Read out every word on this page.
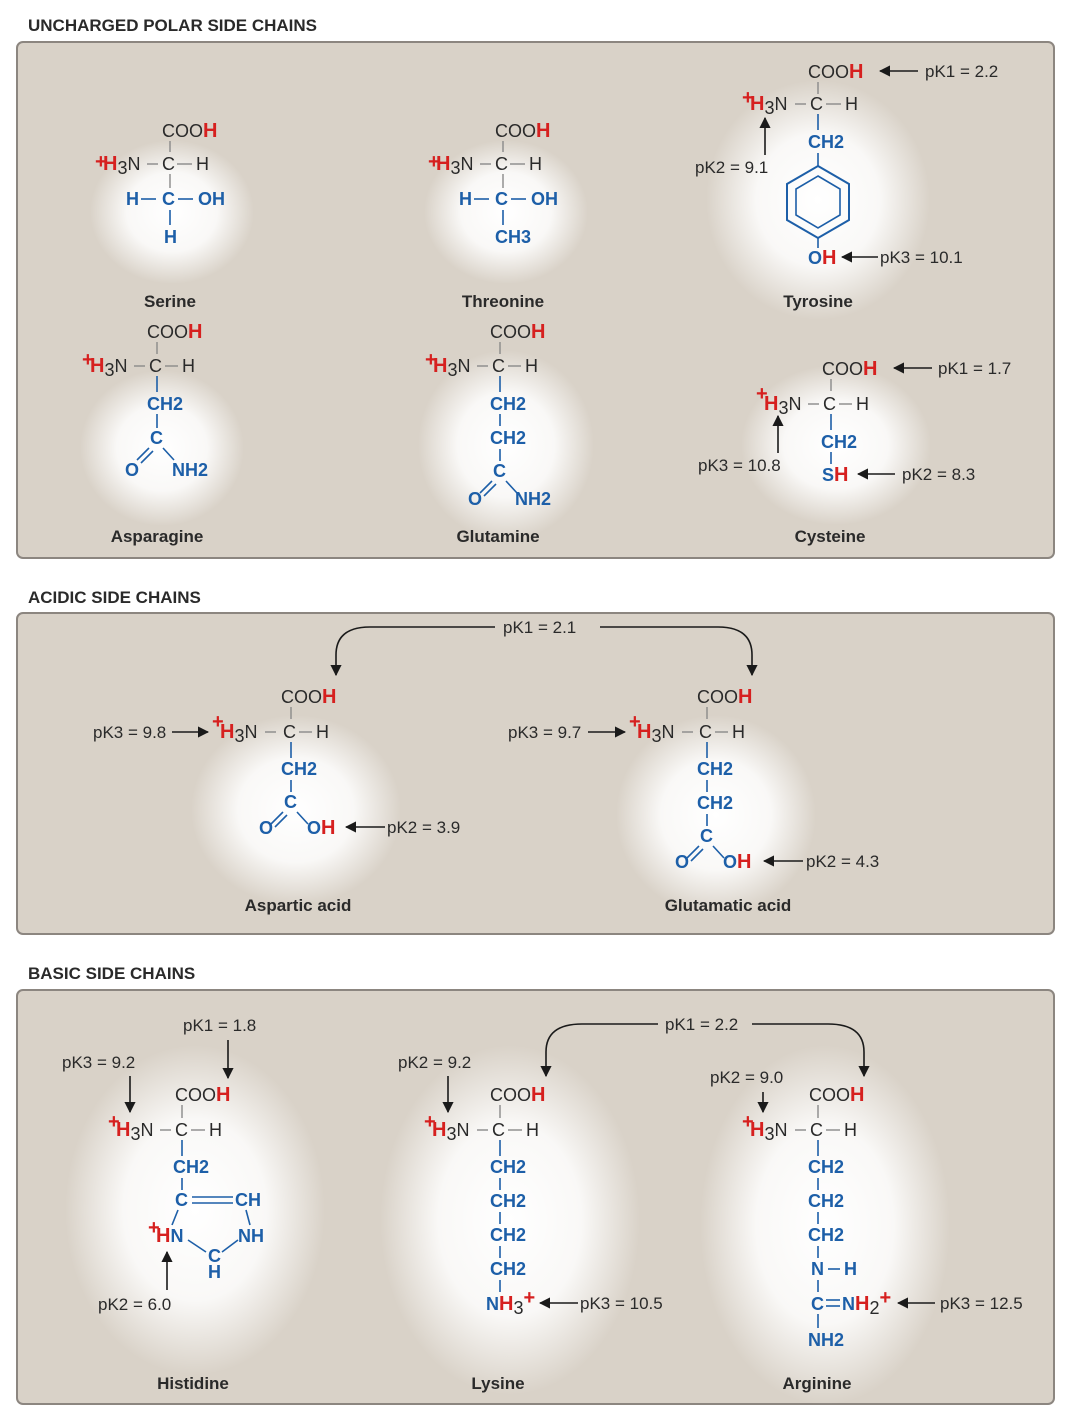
UNCHARGED POLAR SIDE CHAINS
ACIDIC SIDE CHAINS
BASIC SIDE CHAINS
COOH
+
H3N C H
H C OH
H
Serine
COOH
+
H3N C H
H C OH
CH3
Threonine
COOH	pK1 = 2.2
+
H3N C H
pK2 = 9.1
CH2
OH	pK3 = 10.1
Tyrosine
COOH
+
H3N C H
CH2
C
O NH2
Asparagine
COOH
+
H3N C H
CH2
CH2
C
O NH2
Glutamine
COOH	pK1 = 1.7
+
H3N C H
pK3 = 10.8
CH2
SH	pK2 = 8.3
Cysteine
pK1 = 2.1
COOH
pK3 = 9.8 +
H3N C H
CH2
C
O OH	pK2 = 3.9
Aspartic acid
COOH
pK3 = 9.7 +
H3N C H
CH2
CH2
C
O OH	pK2 = 4.3
Glutamatic acid
pK1 = 1.8
pK3 = 9.2
COOH
+
H3N C H
CH2
C	CH
+
HN	NH
C
H
pK2 = 6.0
Histidine
pK1 = 2.2
pK2 = 9.2
COOH
+
H3N C H
CH2
CH2
CH2
CH2
NH3+	pK3 = 10.5
Lysine
pK2 = 9.0
COOH
+
H3N C H
CH2
CH2
CH2
N H
C NH2+	pK3 = 12.5
NH2
Arginine
